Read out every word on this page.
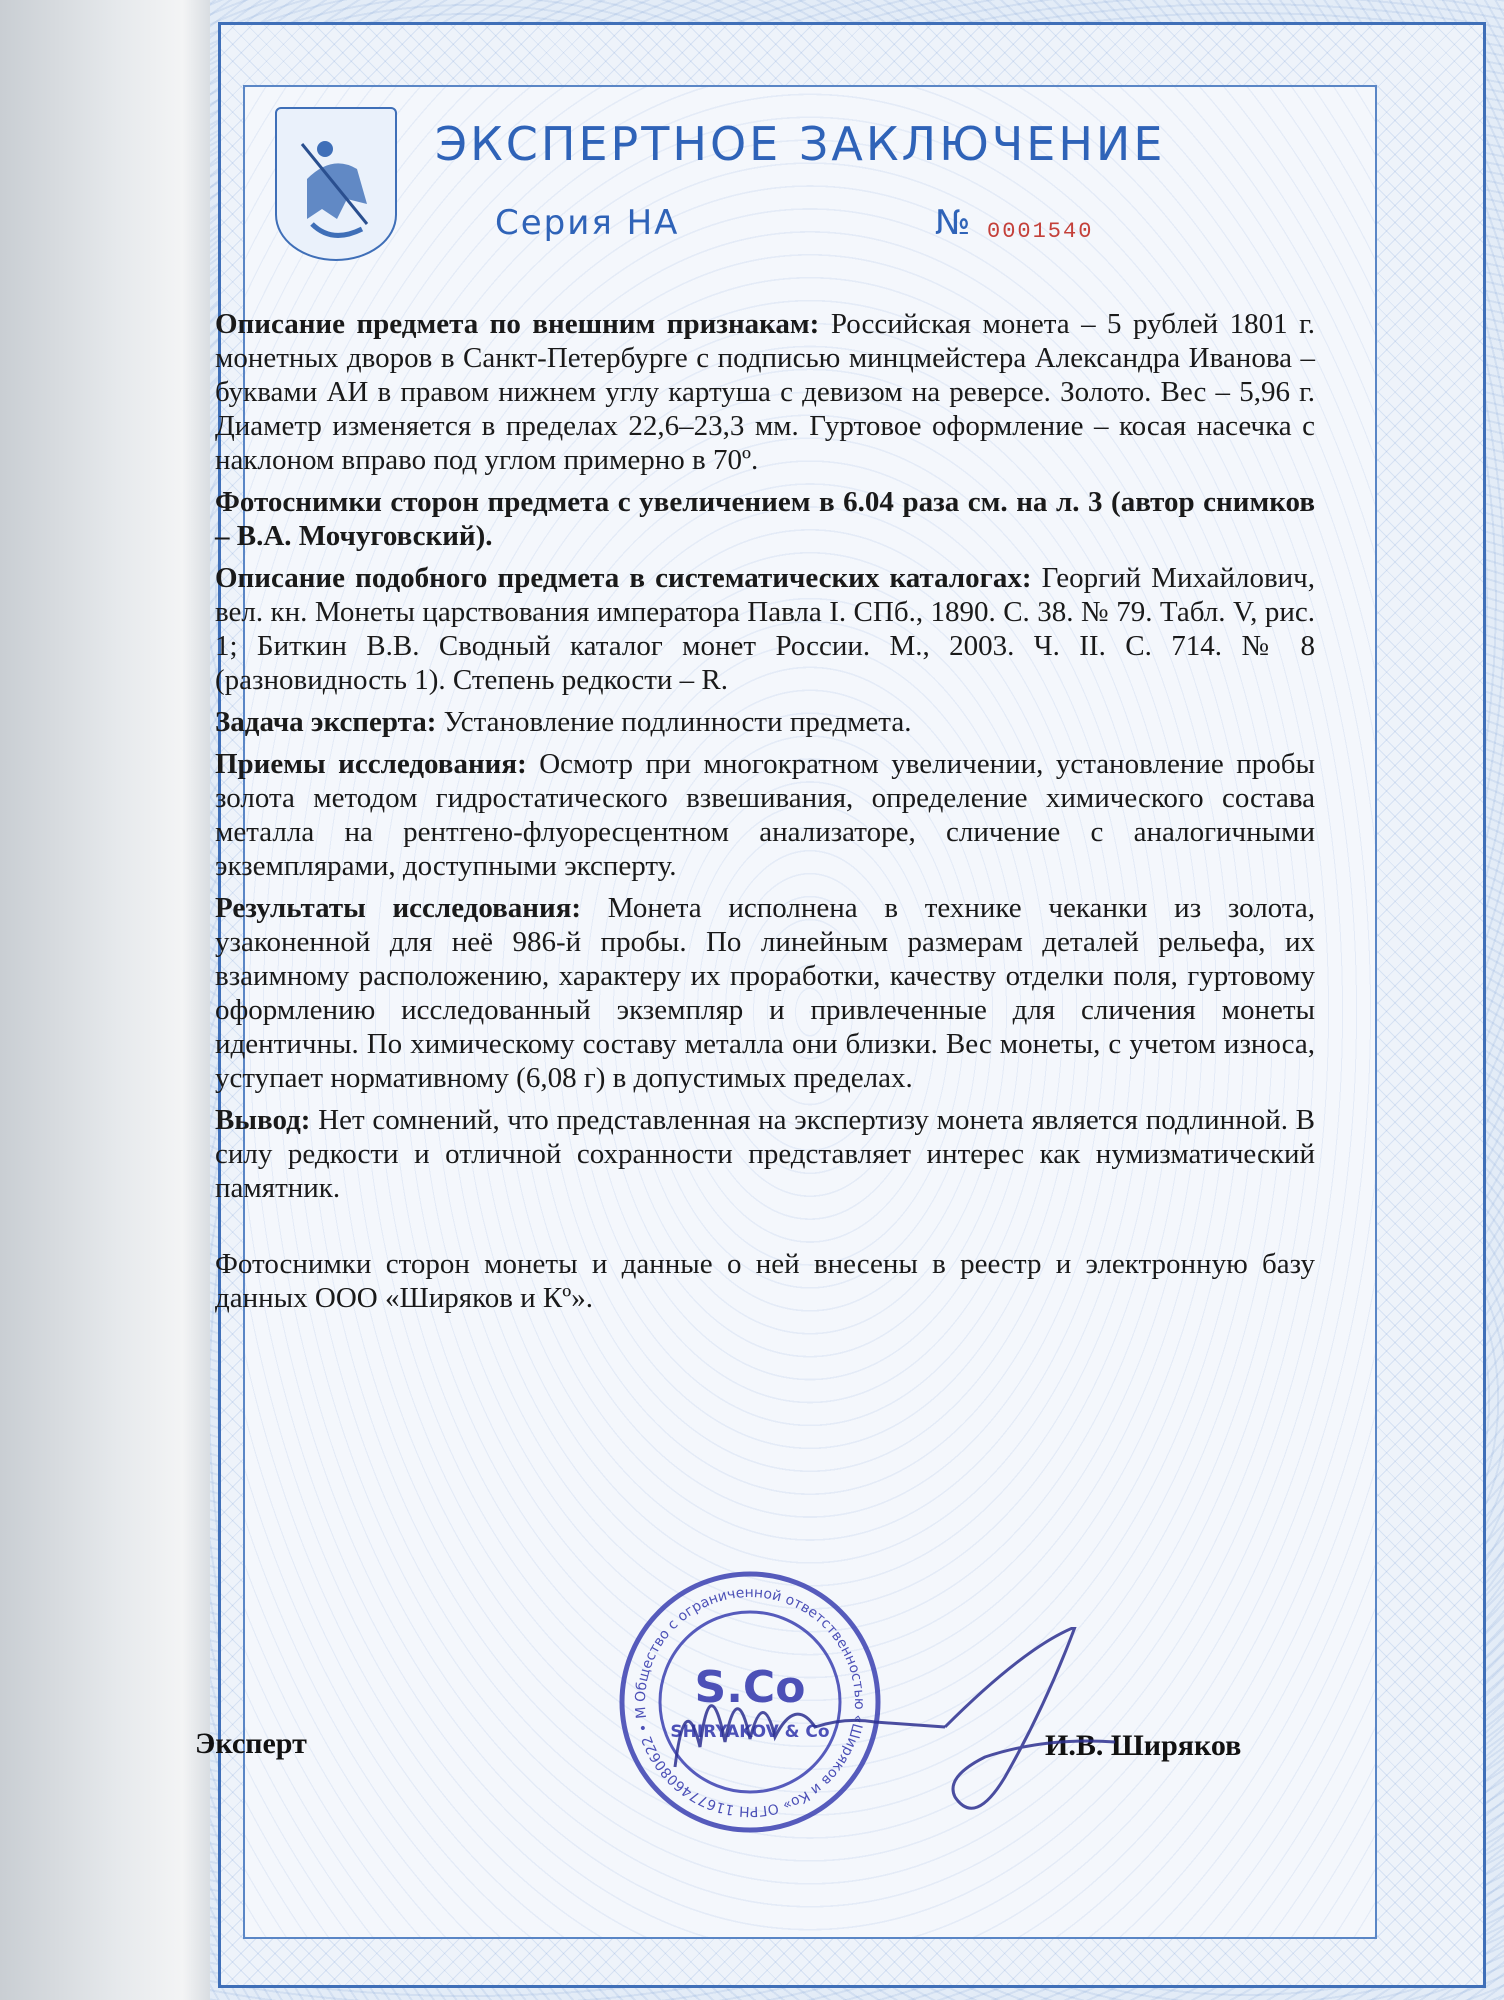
ЭКСПЕРТНОЕ ЗАКЛЮЧЕНИЕ
Серия НА	№ 0001540

Описание предмета по внешним признакам: Российская монета – 5 рублей 1801 г. монетных дворов в Санкт-Петербурге с подписью минцмейстера Александра Иванова – буквами АИ в правом нижнем углу картуша с девизом на реверсе. Золото. Вес – 5,96 г. Диаметр изменяется в пределах 22,6–23,3 мм. Гуртовое оформление – косая насечка с наклоном вправо под углом примерно в 70º.

Фотоснимки сторон предмета с увеличением в 6.04 раза см. на л. 3 (автор снимков – В.А. Мочуговский).

Описание подобного предмета в систематических каталогах: Георгий Михайлович, вел. кн. Монеты царствования императора Павла I. СПб., 1890. С. 38. № 79. Табл. V, рис. 1; Биткин В.В. Сводный каталог монет России. М., 2003. Ч. II. С. 714. № 8 (разновидность 1). Степень редкости – R.

Задача эксперта: Установление подлинности предмета.

Приемы исследования: Осмотр при многократном увеличении, установление пробы золота методом гидростатического взвешивания, определение химического состава металла на рентгено-флуоресцентном анализаторе, сличение с аналогичными экземплярами, доступными эксперту.

Результаты исследования: Монета исполнена в технике чеканки из золота, узаконенной для неё 986-й пробы. По линейным размерам деталей рельефа, их взаимному расположению, характеру их проработки, качеству отделки поля, гуртовому оформлению исследованный экземпляр и привлеченные для сличения монеты идентичны. По химическому составу металла они близки. Вес монеты, с учетом износа, уступает нормативному (6,08 г) в допустимых пределах.

Вывод: Нет сомнений, что представленная на экспертизу монета является подлинной. В силу редкости и отличной сохранности представляет интерес как нумизматический памятник.

Фотоснимки сторон монеты и данные о ней внесены в реестр и электронную базу данных ООО «Ширяков и Кº».

Эксперт	И.В. Ширяков
Общество с ограниченной ответственностью «Ширяков и Ко» ОГРН 1167746080622 • М	S.Co
SHIRYAKOV & Co
